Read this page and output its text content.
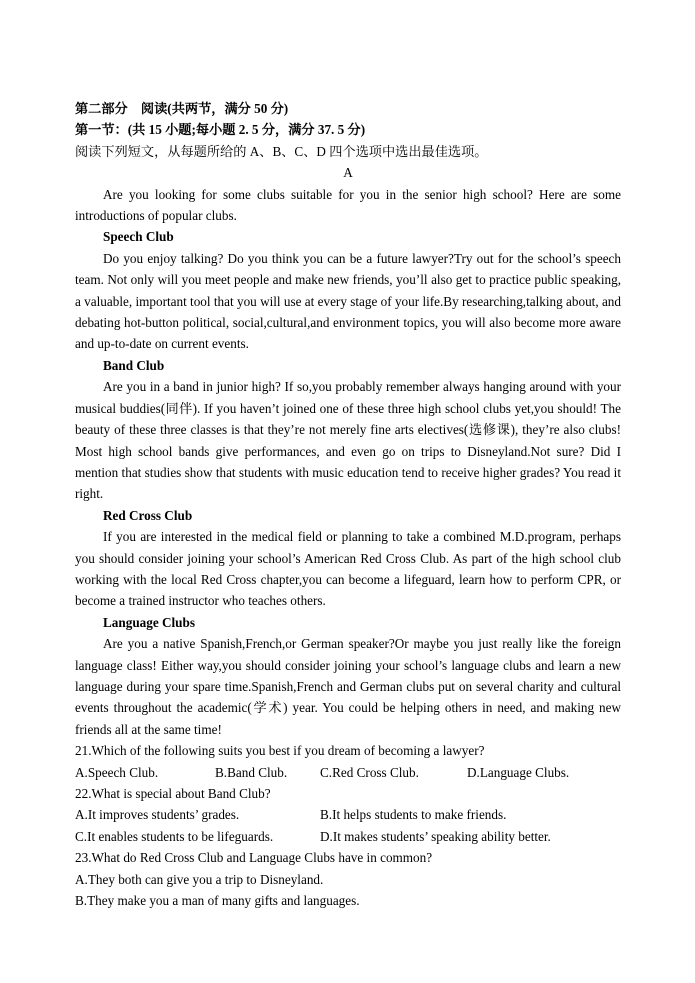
第二部分　阅读(共两节，满分 50 分)
第一节：(共 15 小题;每小题 2. 5 分，满分 37. 5 分)
阅读下列短文，从每题所给的 A、B、C、D 四个选项中选出最佳选项。
A
Are you looking for some clubs suitable for you in the senior high school? Here are some introductions of popular clubs.
Speech Club
Do you enjoy talking? Do you think you can be a future lawyer?Try out for the school’s speech team. Not only will you meet people and make new friends, you’ll also get to practice public speaking, a valuable, important tool that you will use at every stage of your life.By researching,talking about, and debating hot-button political, social,cultural,and environment topics, you will also become more aware and up-to-date on current events.
Band Club
Are you in a band in junior high? If so,you probably remember always hanging around with your musical buddies(同伴). If you haven’t joined one of these three high school clubs yet,you should! The beauty of these three classes is that they’re not merely fine arts electives(选修课), they’re also clubs! Most high school bands give performances, and even go on trips to Disneyland.Not sure? Did I mention that studies show that students with music education tend to receive higher grades? You read it right.
Red Cross Club
If you are interested in the medical field or planning to take a combined M.D.program, perhaps you should consider joining your school’s American Red Cross Club. As part of the high school club working with the local Red Cross chapter,you can become a lifeguard, learn how to perform CPR, or become a trained instructor who teaches others.
Language Clubs
Are you a native Spanish,French,or German speaker?Or maybe you just really like the foreign language class! Either way,you should consider joining your school’s language clubs and learn a new language during your spare time.Spanish,French and German clubs put on several charity and cultural events throughout the academic(学术) year. You could be helping others in need, and making new friends all at the same time!
21.Which of the following suits you best if you dream of becoming a lawyer?
A.Speech Club.	B.Band Club.	C.Red Cross Club.	D.Language Clubs.
22.What is special about Band Club?
A.It improves students’ grades.	B.It helps students to make friends.
C.It enables students to be lifeguards.	D.It makes students’ speaking ability better.
23.What do Red Cross Club and Language Clubs have in common?
A.They both can give you a trip to Disneyland.
B.They make you a man of many gifts and languages.
